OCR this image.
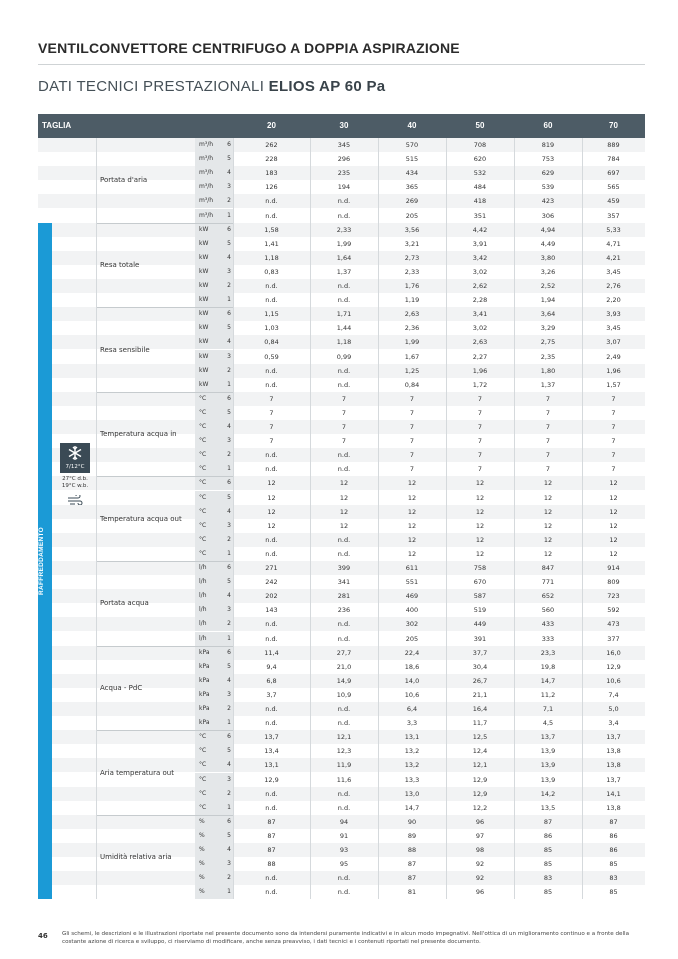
VENTILCONVETTORE CENTRIFUGO A DOPPIA ASPIRAZIONE
DATI TECNICI PRESTAZIONALI ELIOS AP 60 Pa
TAGLIA	20	30	40	50	60	70
m³/h	6	262	345	570	708	819	889
m³/h	5	228	296	515	620	753	784
m³/h	4	183	235	434	532	629	697
m³/h	3	126	194	365	484	539	565
m³/h	2	n.d.	n.d.	269	418	423	459
m³/h	1	n.d.	n.d.	205	351	306	357
Portata d'aria
kW	6	1,58	2,33	3,56	4,42	4,94	5,33
kW	5	1,41	1,99	3,21	3,91	4,49	4,71
kW	4	1,18	1,64	2,73	3,42	3,80	4,21
kW	3	0,83	1,37	2,33	3,02	3,26	3,45
kW	2	n.d.	n.d.	1,76	2,62	2,52	2,76
kW	1	n.d.	n.d.	1,19	2,28	1,94	2,20
Resa totale
kW	6	1,15	1,71	2,63	3,41	3,64	3,93
kW	5	1,03	1,44	2,36	3,02	3,29	3,45
kW	4	0,84	1,18	1,99	2,63	2,75	3,07
kW	3	0,59	0,99	1,67	2,27	2,35	2,49
kW	2	n.d.	n.d.	1,25	1,96	1,80	1,96
kW	1	n.d.	n.d.	0,84	1,72	1,37	1,57
Resa sensibile
°C	6	7	7	7	7	7	7
°C	5	7	7	7	7	7	7
°C	4	7	7	7	7	7	7
°C	3	7	7	7	7	7	7
°C	2	n.d.	n.d.	7	7	7	7
°C	1	n.d.	n.d.	7	7	7	7
Temperatura acqua in
°C	6	12	12	12	12	12	12
°C	5	12	12	12	12	12	12
°C	4	12	12	12	12	12	12
°C	3	12	12	12	12	12	12
°C	2	n.d.	n.d.	12	12	12	12
°C	1	n.d.	n.d.	12	12	12	12
Temperatura acqua out
l/h	6	271	399	611	758	847	914
l/h	5	242	341	551	670	771	809
l/h	4	202	281	469	587	652	723
l/h	3	143	236	400	519	560	592
l/h	2	n.d.	n.d.	302	449	433	473
l/h	1	n.d.	n.d.	205	391	333	377
Portata acqua
kPa	6	11,4	27,7	22,4	37,7	23,3	16,0
kPa	5	9,4	21,0	18,6	30,4	19,8	12,9
kPa	4	6,8	14,9	14,0	26,7	14,7	10,6
kPa	3	3,7	10,9	10,6	21,1	11,2	7,4
kPa	2	n.d.	n.d.	6,4	16,4	7,1	5,0
kPa	1	n.d.	n.d.	3,3	11,7	4,5	3,4
Acqua - PdC
°C	6	13,7	12,1	13,1	12,5	13,7	13,7
°C	5	13,4	12,3	13,2	12,4	13,9	13,8
°C	4	13,1	11,9	13,2	12,1	13,9	13,8
°C	3	12,9	11,6	13,3	12,9	13,9	13,7
°C	2	n.d.	n.d.	13,0	12,9	14,2	14,1
°C	1	n.d.	n.d.	14,7	12,2	13,5	13,8
Aria temperatura out
%	6	87	94	90	96	87	87
%	5	87	91	89	97	86	86
%	4	87	93	88	98	85	86
%	3	88	95	87	92	85	85
%	2	n.d.	n.d.	87	92	83	83
%	1	n.d.	n.d.	81	96	85	85
Umidità relativa aria
RAFFREDDAMENTO
7/12°C
27°C d.b.
19°C w.b.
46	Gli schemi, le descrizioni e le illustrazioni riportate nel presente documento sono da intendersi puramente indicativi e in alcun modo impegnativi. Nell'ottica di un miglioramento continuo e a fronte della costante azione di ricerca e sviluppo, ci riserviamo di modificare, anche senza preavviso, i dati tecnici e i contenuti riportati nel presente documento.
